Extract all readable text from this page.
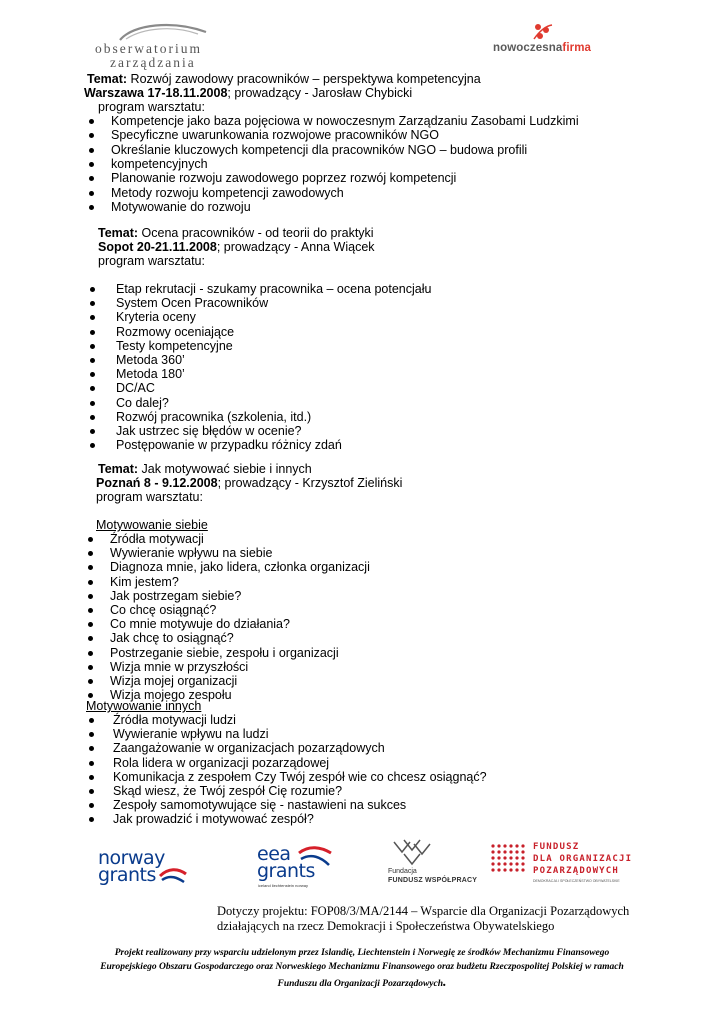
obserwatorium
zarządzania
nowoczesnafirma
Temat: Rozwój zawodowy pracowników – perspektywa kompetencyjna
Warszawa 17-18.11.2008; prowadzący - Jarosław Chybicki
program warsztatu:
Kompetencje jako baza pojęciowa w nowoczesnym Zarządzaniu Zasobami Ludzkimi
Specyficzne uwarunkowania rozwojowe pracowników NGO
Określanie kluczowych kompetencji dla pracowników NGO – budowa profili
kompetencyjnych
Planowanie rozwoju zawodowego poprzez rozwój kompetencji
Metody rozwoju kompetencji zawodowych
Motywowanie do rozwoju
Temat: Ocena pracowników - od teorii do praktyki
Sopot 20-21.11.2008; prowadzący - Anna Wiącek
program warsztatu:
Etap rekrutacji - szukamy pracownika – ocena potencjału
System Ocen Pracowników
Kryteria oceny
Rozmowy oceniające
Testy kompetencyjne
Metoda 360’
Metoda 180’
DC/AC
Co dalej?
Rozwój pracownika (szkolenia, itd.)
Jak ustrzec się błędów w ocenie?
Postępowanie w przypadku różnicy zdań
Temat: Jak motywować siebie i innych
Poznań 8 - 9.12.2008; prowadzący - Krzysztof Zieliński
program warsztatu:
Motywowanie siebie
Źródła motywacji
Wywieranie wpływu na siebie
Diagnoza mnie, jako lidera, członka organizacji
Kim jestem?
Jak postrzegam siebie?
Co chcę osiągnąć?
Co mnie motywuje do działania?
Jak chcę to osiągnąć?
Postrzeganie siebie, zespołu i organizacji
Wizja mnie w przyszłości
Wizja mojej organizacji
Wizja mojego zespołu
Motywowanie innych
Źródła motywacji ludzi
Wywieranie wpływu na ludzi
Zaangażowanie w organizacjach pozarządowych
Rola lidera w organizacji pozarządowej
Komunikacja z zespołem Czy Twój zespół wie co chcesz osiągnąć?
Skąd wiesz, że Twój zespół Cię rozumie?
Zespoły samomotywujące się - nastawieni na sukces
Jak prowadzić i motywować zespół?
norway
grants
eea
grants
iceland liechtenstein norway
Fundacja
FUNDUSZ WSPÓŁPRACY
FUNDUSZ
DLA ORGANIZACJI
POZARZĄDOWYCH
DEMOKRACJA I SPOŁECZEŃSTWO OBYWATELSKIE
Dotyczy projektu: FOP08/3/MA/2144 – Wsparcie dla Organizacji Pozarządowych
działających na rzecz Demokracji i Społeczeństwa Obywatelskiego
Projekt realizowany przy wsparciu udzielonym przez Islandię, Liechtenstein i Norwegię ze środków Mechanizmu Finansowego
Europejskiego Obszaru Gospodarczego oraz Norweskiego Mechanizmu Finansowego oraz budżetu Rzeczpospolitej Polskiej w ramach
Funduszu dla Organizacji Pozarządowych.
